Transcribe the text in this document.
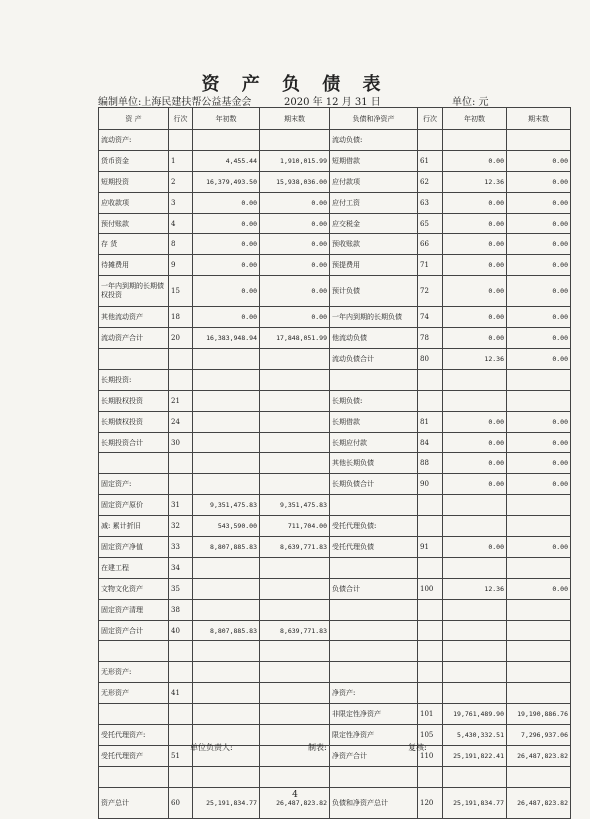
资 产 负 债 表
编制单位:上海民建扶帮公益基金会	2020 年 12 月 31 日	单位: 元
资 产	行次	年初数	期末数	负债和净资产	行次	年初数	期末数
流动资产:				流动负债:			
货币资金	1	4,455.44	1,910,015.99	短期借款	61	0.00	0.00
短期投资	2	16,379,493.50	15,938,036.00	应付款项	62	12.36	0.00
应收款项	3	0.00	0.00	应付工资	63	0.00	0.00
预付账款	4	0.00	0.00	应交税金	65	0.00	0.00
存 货	8	0.00	0.00	预收账款	66	0.00	0.00
待摊费用	9	0.00	0.00	预提费用	71	0.00	0.00
一年内到期的长期债权投资	15	0.00	0.00	预计负债	72	0.00	0.00
其他流动资产	18	0.00	0.00	一年内到期的长期负债	74	0.00	0.00
流动资产合计	20	16,383,948.94	17,848,051.99	他流动负债	78	0.00	0.00
				流动负债合计	80	12.36	0.00
长期投资:							
长期股权投资	21			长期负债:			
长期债权投资	24			长期借款	81	0.00	0.00
长期投资合计	30			长期应付款	84	0.00	0.00
				其他长期负债	88	0.00	0.00
固定资产:				长期负债合计	90	0.00	0.00
固定资产原价	31	9,351,475.83	9,351,475.83				
减: 累计折旧	32	543,590.00	711,704.00	受托代理负债:			
固定资产净值	33	8,807,885.83	8,639,771.83	受托代理负债	91	0.00	0.00
在建工程	34						
文物文化资产	35			负债合计	100	12.36	0.00
固定资产清理	38						
固定资产合计	40	8,807,885.83	8,639,771.83				

无形资产:							
无形资产	41			净资产:			
				非限定性净资产	101	19,761,489.90	19,190,886.76
受托代理资产:				限定性净资产	105	5,430,332.51	7,296,937.06
受托代理资产	51			净资产合计	110	25,191,822.41	26,487,823.82

资产总计	60	25,191,834.77	26,487,823.82	负债和净资产总计	120	25,191,834.77	26,487,823.82
单位负责人:	制表:	复核:
4
